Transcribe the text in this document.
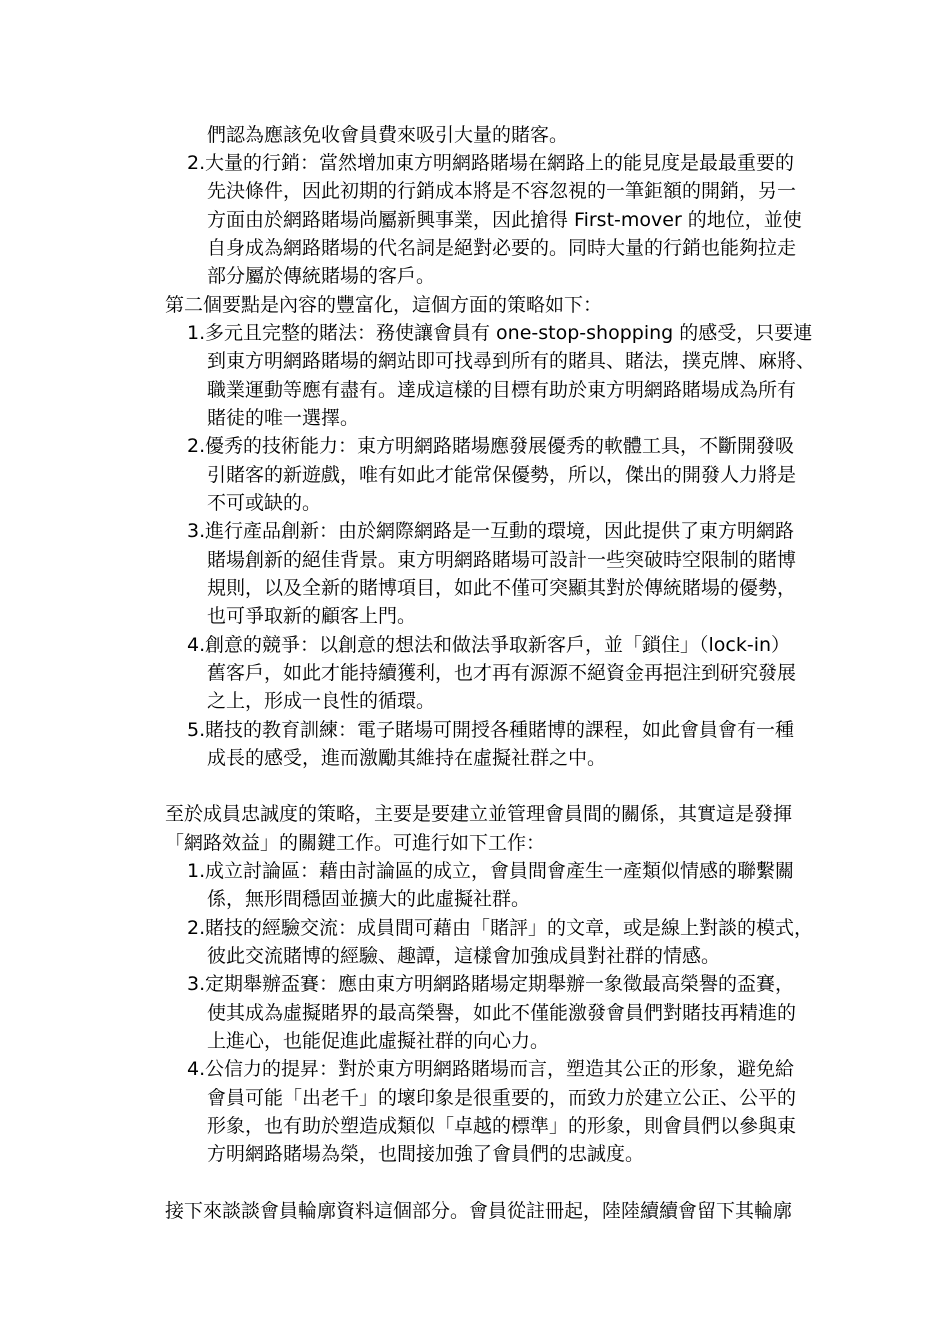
們認為應該免收會員費來吸引大量的賭客。
2.大量的行銷：當然增加東方明網路賭場在網路上的能見度是最最重要的
先決條件，因此初期的行銷成本將是不容忽視的一筆鉅額的開銷，另一
方面由於網路賭場尚屬新興事業，因此搶得 First-mover 的地位，並使
自身成為網路賭場的代名詞是絕對必要的。同時大量的行銷也能夠拉走
部分屬於傳統賭場的客戶。
第二個要點是內容的豐富化，這個方面的策略如下：
1.多元且完整的賭法：務使讓會員有 one-stop-shopping 的感受，只要連
到東方明網路賭場的網站即可找尋到所有的賭具、賭法，撲克牌、麻將、
職業運動等應有盡有。達成這樣的目標有助於東方明網路賭場成為所有
賭徒的唯一選擇。
2.優秀的技術能力：東方明網路賭場應發展優秀的軟體工具，不斷開發吸
引賭客的新遊戲，唯有如此才能常保優勢，所以，傑出的開發人力將是
不可或缺的。
3.進行產品創新：由於網際網路是一互動的環境，因此提供了東方明網路
賭場創新的絕佳背景。東方明網路賭場可設計一些突破時空限制的賭博
規則，以及全新的賭博項目，如此不僅可突顯其對於傳統賭場的優勢，
也可爭取新的顧客上門。
4.創意的競爭：以創意的想法和做法爭取新客戶，並「鎖住」（lock-in）
舊客戶，如此才能持續獲利，也才再有源源不絕資金再挹注到研究發展
之上，形成一良性的循環。
5.賭技的教育訓練：電子賭場可開授各種賭博的課程，如此會員會有一種
成長的感受，進而激勵其維持在虛擬社群之中。
至於成員忠誠度的策略，主要是要建立並管理會員間的關係，其實這是發揮
「網路效益」的關鍵工作。可進行如下工作：
1.成立討論區：藉由討論區的成立，會員間會產生一產類似情感的聯繫關
係，無形間穩固並擴大的此虛擬社群。
2.賭技的經驗交流：成員間可藉由「賭評」的文章，或是線上對談的模式，
彼此交流賭博的經驗、趣譚，這樣會加強成員對社群的情感。
3.定期舉辦盃賽：應由東方明網路賭場定期舉辦一象徵最高榮譽的盃賽，
使其成為虛擬賭界的最高榮譽，如此不僅能激發會員們對賭技再精進的
上進心，也能促進此虛擬社群的向心力。
4.公信力的提昇：對於東方明網路賭場而言，塑造其公正的形象，避免給
會員可能「出老千」的壞印象是很重要的，而致力於建立公正、公平的
形象，也有助於塑造成類似「卓越的標準」的形象，則會員們以參與東
方明網路賭場為榮，也間接加強了會員們的忠誠度。
接下來談談會員輪廓資料這個部分。會員從註冊起，陸陸續續會留下其輪廓
